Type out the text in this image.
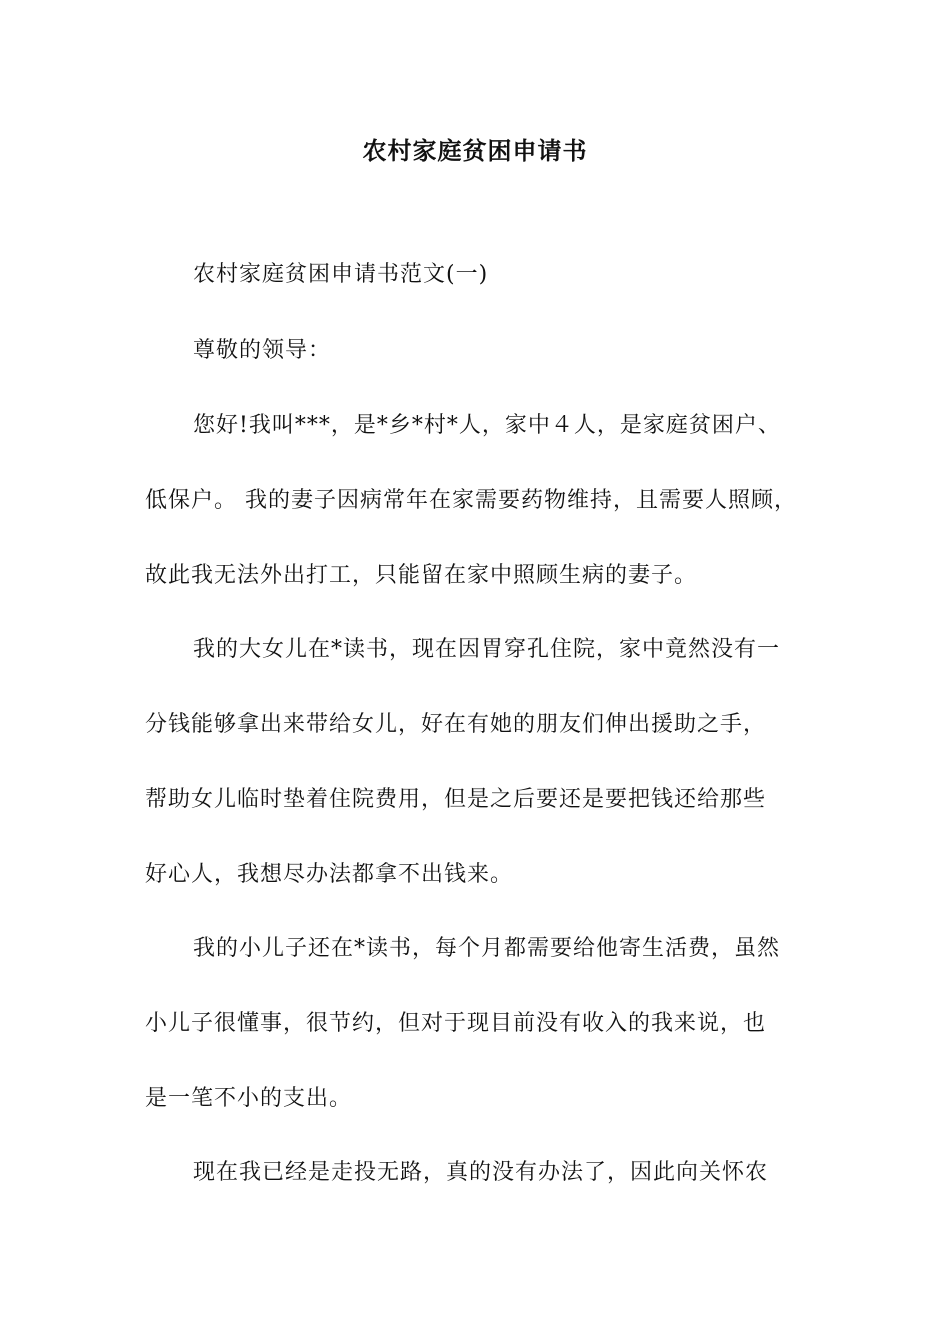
农村家庭贫困申请书
农村家庭贫困申请书范文(一)
尊敬的领导：
您好!我叫***，是*乡*村*人，家中４人，是家庭贫困户、
低保户。 我的妻子因病常年在家需要药物维持，且需要人照顾，
故此我无法外出打工，只能留在家中照顾生病的妻子。
我的大女儿在*读书，现在因胃穿孔住院，家中竟然没有一
分钱能够拿出来带给女儿，好在有她的朋友们伸出援助之手，
帮助女儿临时垫着住院费用，但是之后要还是要把钱还给那些
好心人，我想尽办法都拿不出钱来。
我的小儿子还在*读书，每个月都需要给他寄生活费，虽然
小儿子很懂事，很节约，但对于现目前没有收入的我来说，也
是一笔不小的支出。
现在我已经是走投无路，真的没有办法了，因此向关怀农
